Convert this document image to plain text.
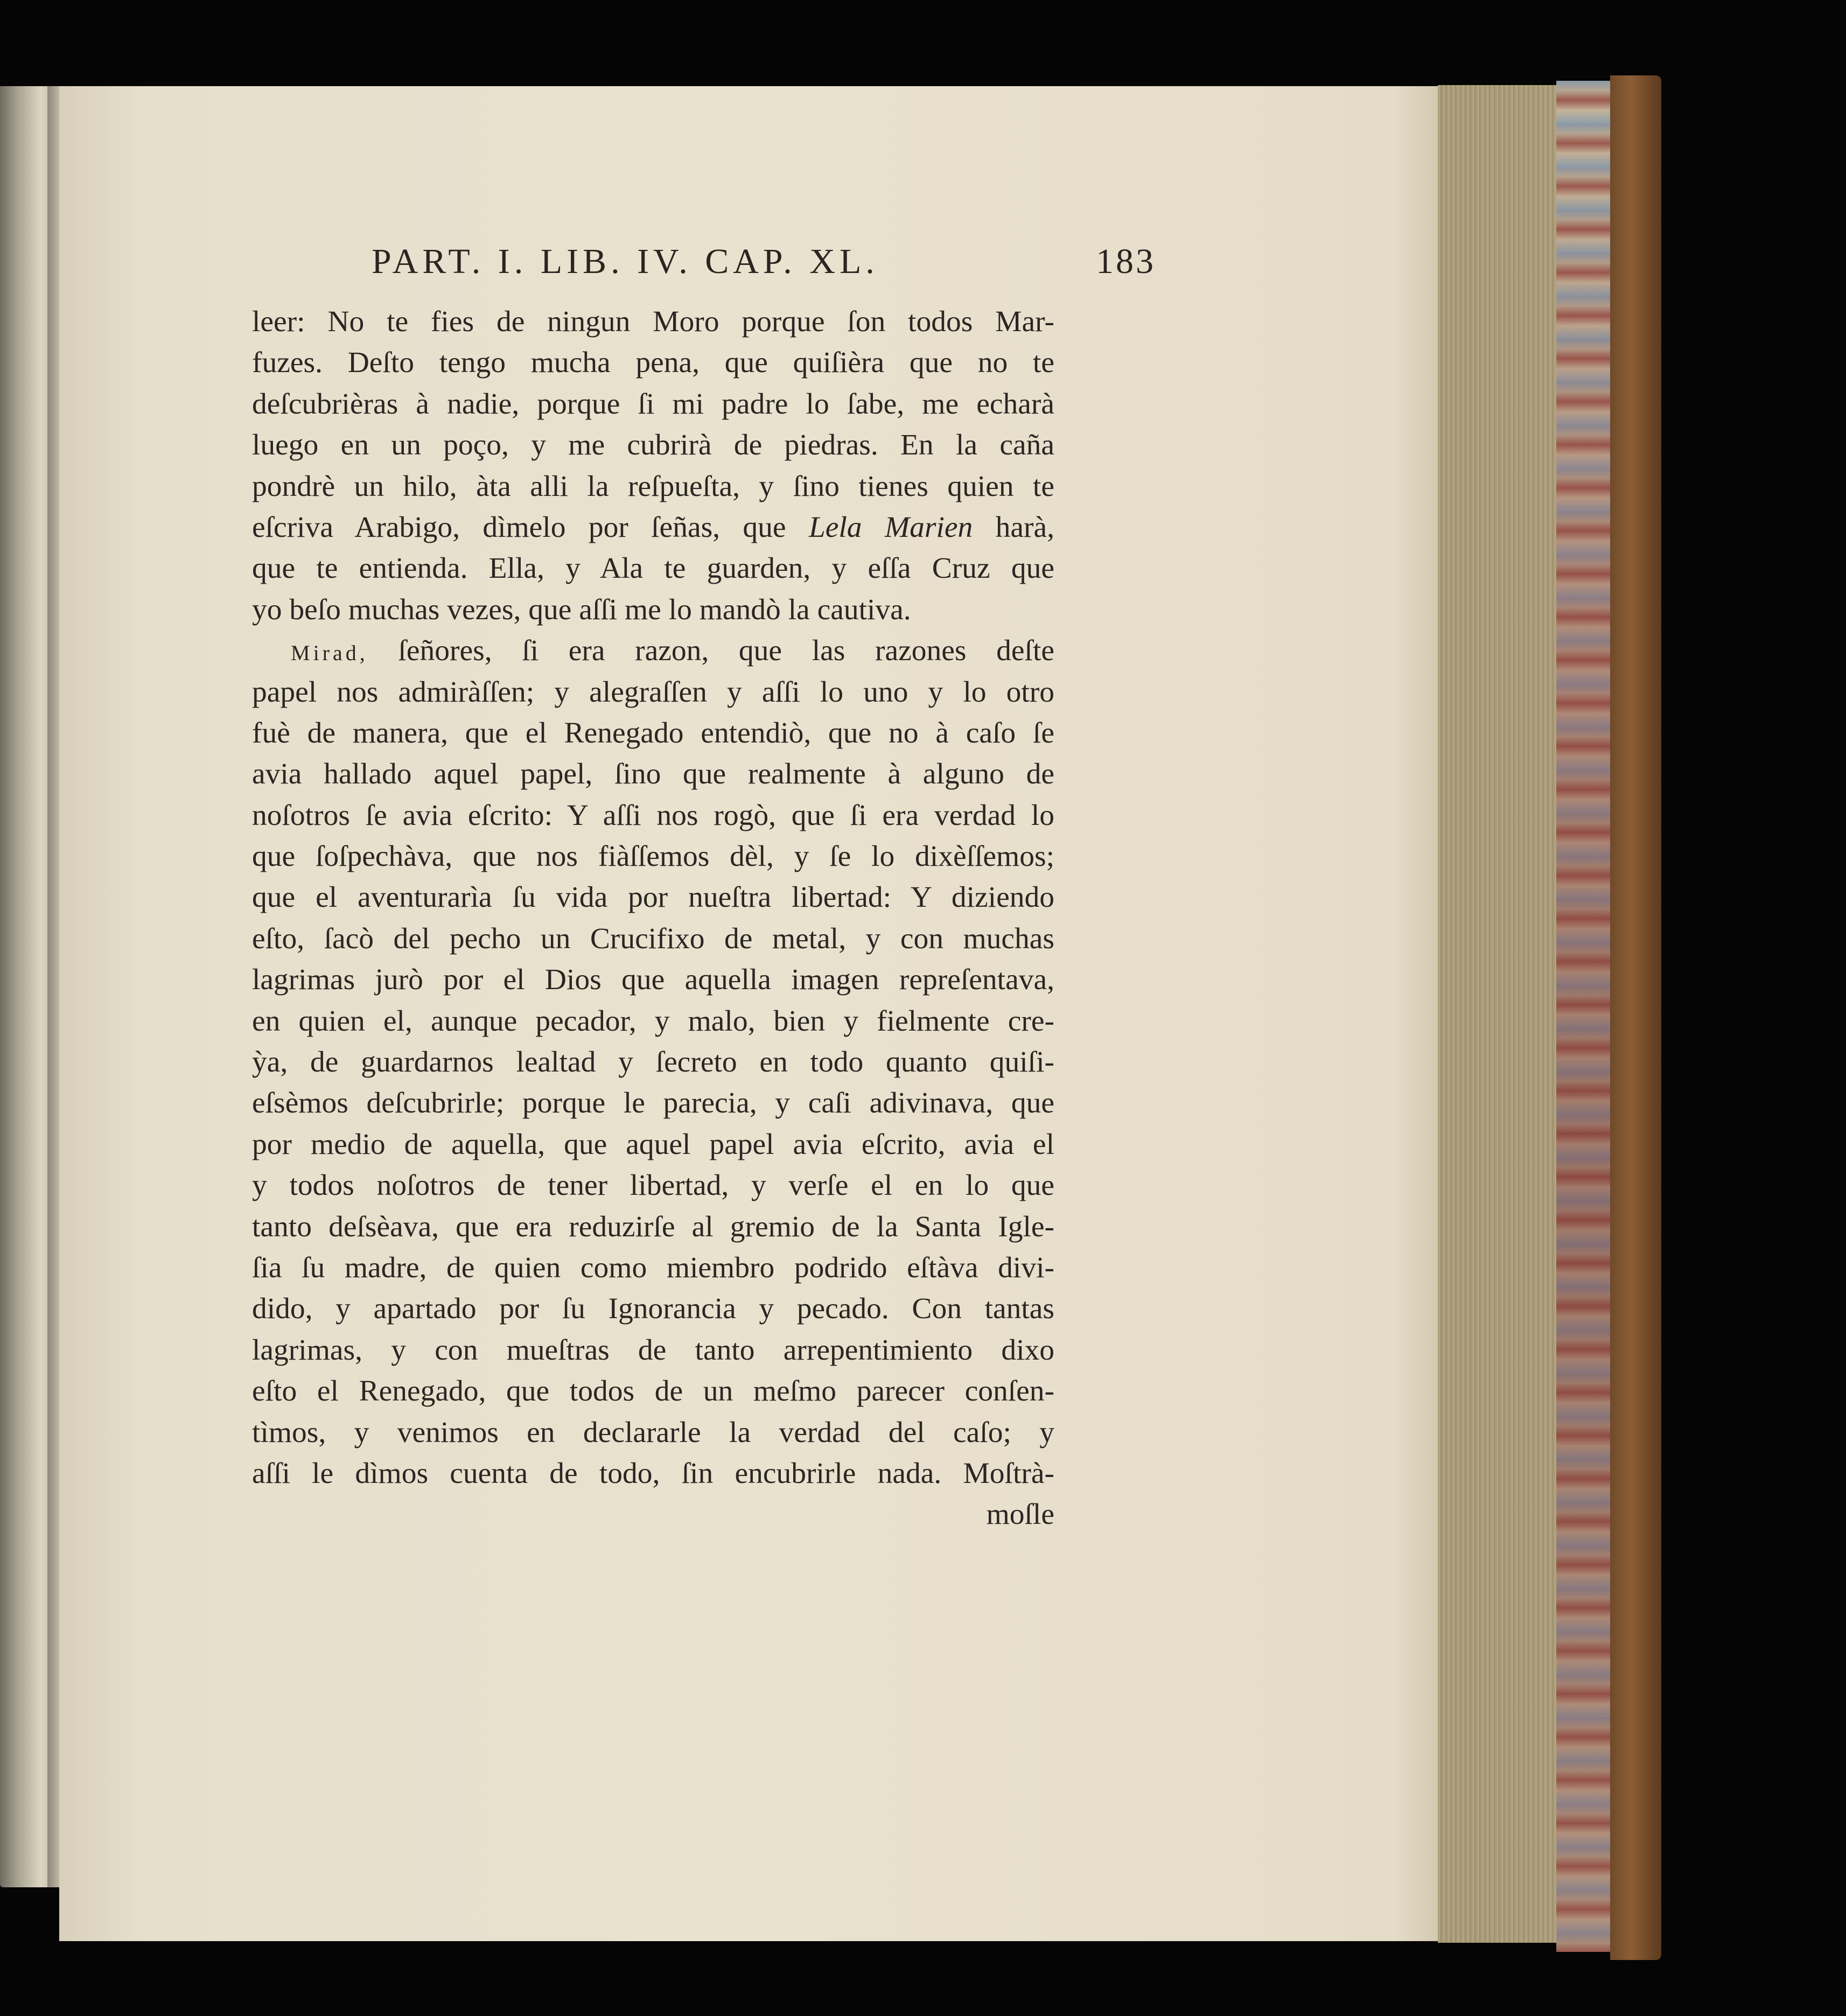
PART. I. LIB. IV. CAP. XL.	183
leer: No te fies de ningun Moro porque ſon todos Mar-
fuzes. Deſto tengo mucha pena, que quiſièra que no te
deſcubrièras à nadie, porque ſi mi padre lo ſabe, me echarà
luego en un poço, y me cubrirà de piedras. En la caña
pondrè un hilo, àta alli la reſpueſta, y ſino tienes quien te
eſcriva Arabigo, dìmelo por ſeñas, que Lela Marien harà,
que te entienda. Ella, y Ala te guarden, y eſſa Cruz que
yo beſo muchas vezes, que aſſi me lo mandò la cautiva.
Mirad, ſeñores, ſi era razon, que las razones deſte
papel nos admiràſſen; y alegraſſen y aſſi lo uno y lo otro
fuè de manera, que el Renegado entendiò, que no à caſo ſe
avia hallado aquel papel, ſino que realmente à alguno de
noſotros ſe avia eſcrito: Y aſſi nos rogò, que ſi era verdad lo
que ſoſpechàva, que nos fiàſſemos dèl, y ſe lo dixèſſemos;
que el aventurarìa ſu vida por nueſtra libertad: Y diziendo
eſto, ſacò del pecho un Crucifixo de metal, y con muchas
lagrimas jurò por el Dios que aquella imagen repreſentava,
en quien el, aunque pecador, y malo, bien y fielmente cre-
ỳa, de guardarnos lealtad y ſecreto en todo quanto quiſi-
eſsèmos deſcubrirle; porque le parecia, y caſi adivinava, que
por medio de aquella, que aquel papel avia eſcrito, avia el
y todos noſotros de tener libertad, y verſe el en lo que
tanto deſsèava, que era reduzirſe al gremio de la Santa Igle-
ſia ſu madre, de quien como miembro podrido eſtàva divi-
dido, y apartado por ſu Ignorancia y pecado. Con tantas
lagrimas, y con mueſtras de tanto arrepentimiento dixo
eſto el Renegado, que todos de un meſmo parecer conſen-
tìmos, y venimos en declararle la verdad del caſo; y
aſſi le dìmos cuenta de todo, ſin encubrirle nada. Moſtrà-
moſle
